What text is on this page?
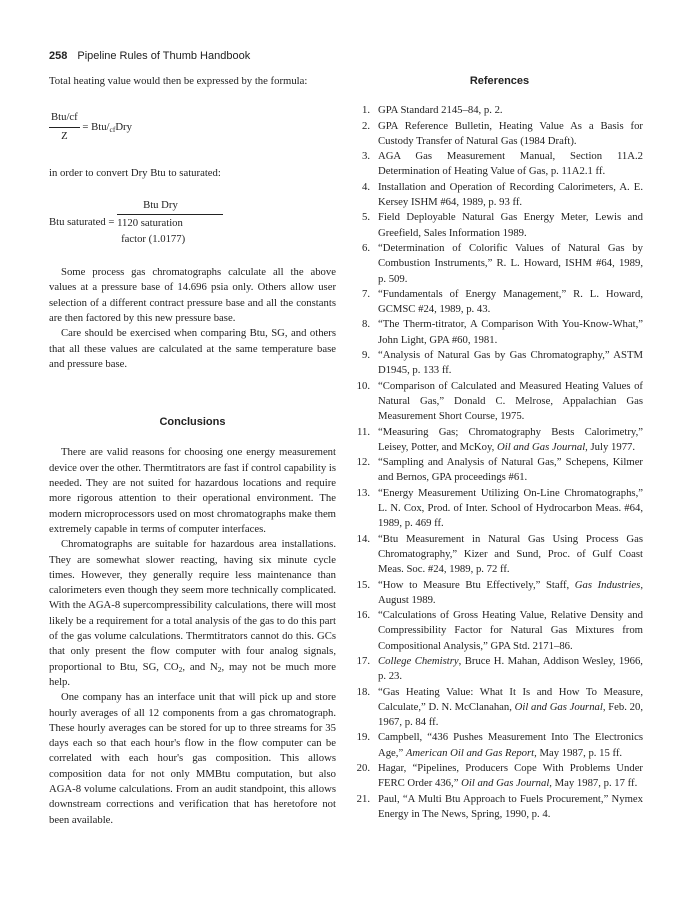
258 Pipeline Rules of Thumb Handbook

Total heating value would then be expressed by the formula:

$\frac{\text{Btu/cf}}{Z} = Btu/_{cf}Dry$

in order to convert Dry Btu to saturated:

Btu saturated =
Btu Dry
1120 saturation
factor (1.0177)

Some process gas chromatographs calculate all the above values at a pressure base of 14.696 psia only. Others allow user selection of a different contract pressure base and all the constants are then factored by this new pressure base.

Care should be exercised when comparing Btu, SG, and others that all these values are calculated at the same temperature base and pressure base.

Conclusions

There are valid reasons for choosing one energy measurement device over the other. Thermtitrators are fast if control capability is needed. They are not suited for hazardous locations and require more rigorous attention to their operational environment. The modern microprocessors used on most chromatographs make them extremely capable in terms of computer interfaces.

Chromatographs are suitable for hazardous area installations. They are somewhat slower reacting, having six minute cycle times. However, they generally require less maintenance than calorimeters even though they seem more technically complicated. With the AGA-8 supercompressibility calculations, there will most likely be a requirement for a total analysis of the gas to do this part of the gas volume calculations. Thermtitrators cannot do this. GCs that only present the flow computer with four analog signals, proportional to Btu, SG, $CO_2$, and $N_2$, may not be much more help.

One company has an interface unit that will pick up and store hourly averages of all 12 components from a gas chromatograph. These hourly averages can be stored for up to three streams for 35 days each so that each hour's flow in the flow computer can be correlated with each hour's gas composition. This allows composition data for not only MMBtu computation, but also AGA-8 volume calculations. From an audit standpoint, this allows downstream corrections and verification that has heretofore not been available.

References
1 . GPA Standard 2145–84, p. 2.
2 . GPA Reference Bulletin, Heating Value As a Basis for Custody Transfer of Natural Gas (1984 Draft).
3 . AGA Gas Measurement Manual, Section 11A.2 Determination of Heating Value of Gas, p. 11A2.1 ff.
4 . Installation and Operation of Recording Calorimeters, A. E. Kersey ISHM #64, 1989, p. 93 ff.
5 . Field Deployable Natural Gas Energy Meter, Lewis and Greefield, Sales Information 1989.
6 . “Determination of Colorific Values of Natural Gas by Combustion Instruments,” R. L. Howard, ISHM #64, 1989, p. 509.
7 . “Fundamentals of Energy Management,” R. L. Howard, GCMSC #24, 1989, p. 43.
8 . “The Therm-titrator, A Comparison With You-Know-What,” John Light, GPA #60, 1981.
9 . “Analysis of Natural Gas by Gas Chromatography,” ASTM D1945, p. 133 ff.
10 . “Comparison of Calculated and Measured Heating Values of Natural Gas,” Donald C. Melrose, Appalachian Gas Measurement Short Course, 1975.
11 . “Measuring Gas; Chromatography Bests Calorimetry,” Leisey, Potter, and McKoy, Oil and Gas Journal, July 1977.
12 . “Sampling and Analysis of Natural Gas,” Schepens, Kilmer and Bernos, GPA proceedings #61.
13 . “Energy Measurement Utilizing On-Line Chromatographs,” L. N. Cox, Prod. of Inter. School of Hydrocarbon Meas. #64, 1989, p. 469 ff.
14 . “Btu Measurement in Natural Gas Using Process Gas Chromatography,” Kizer and Sund, Proc. of Gulf Coast Meas. Soc. #24, 1989, p. 72 ff.
15 . “How to Measure Btu Effectively,” Staff, Gas Industries, August 1989.
16 . “Calculations of Gross Heating Value, Relative Density and Compressibility Factor for Natural Gas Mixtures from Compositional Analysis,” GPA Std. 2171–86.
17 . College Chemistry, Bruce H. Mahan, Addison Wesley, 1966, p. 23.
18 . “Gas Heating Value: What It Is and How To Measure, Calculate,” D. N. McClanahan, Oil and Gas Journal, Feb. 20, 1967, p. 84 ff.
19 . Campbell, “436 Pushes Measurement Into The Electronics Age,” American Oil and Gas Report, May 1987, p. 15 ff.
20 . Hagar, “Pipelines, Producers Cope With Problems Under FERC Order 436,” Oil and Gas Journal, May 1987, p. 17 ff.
21 . Paul, “A Multi Btu Approach to Fuels Procurement,” Nymex Energy in The News, Spring, 1990, p. 4.
